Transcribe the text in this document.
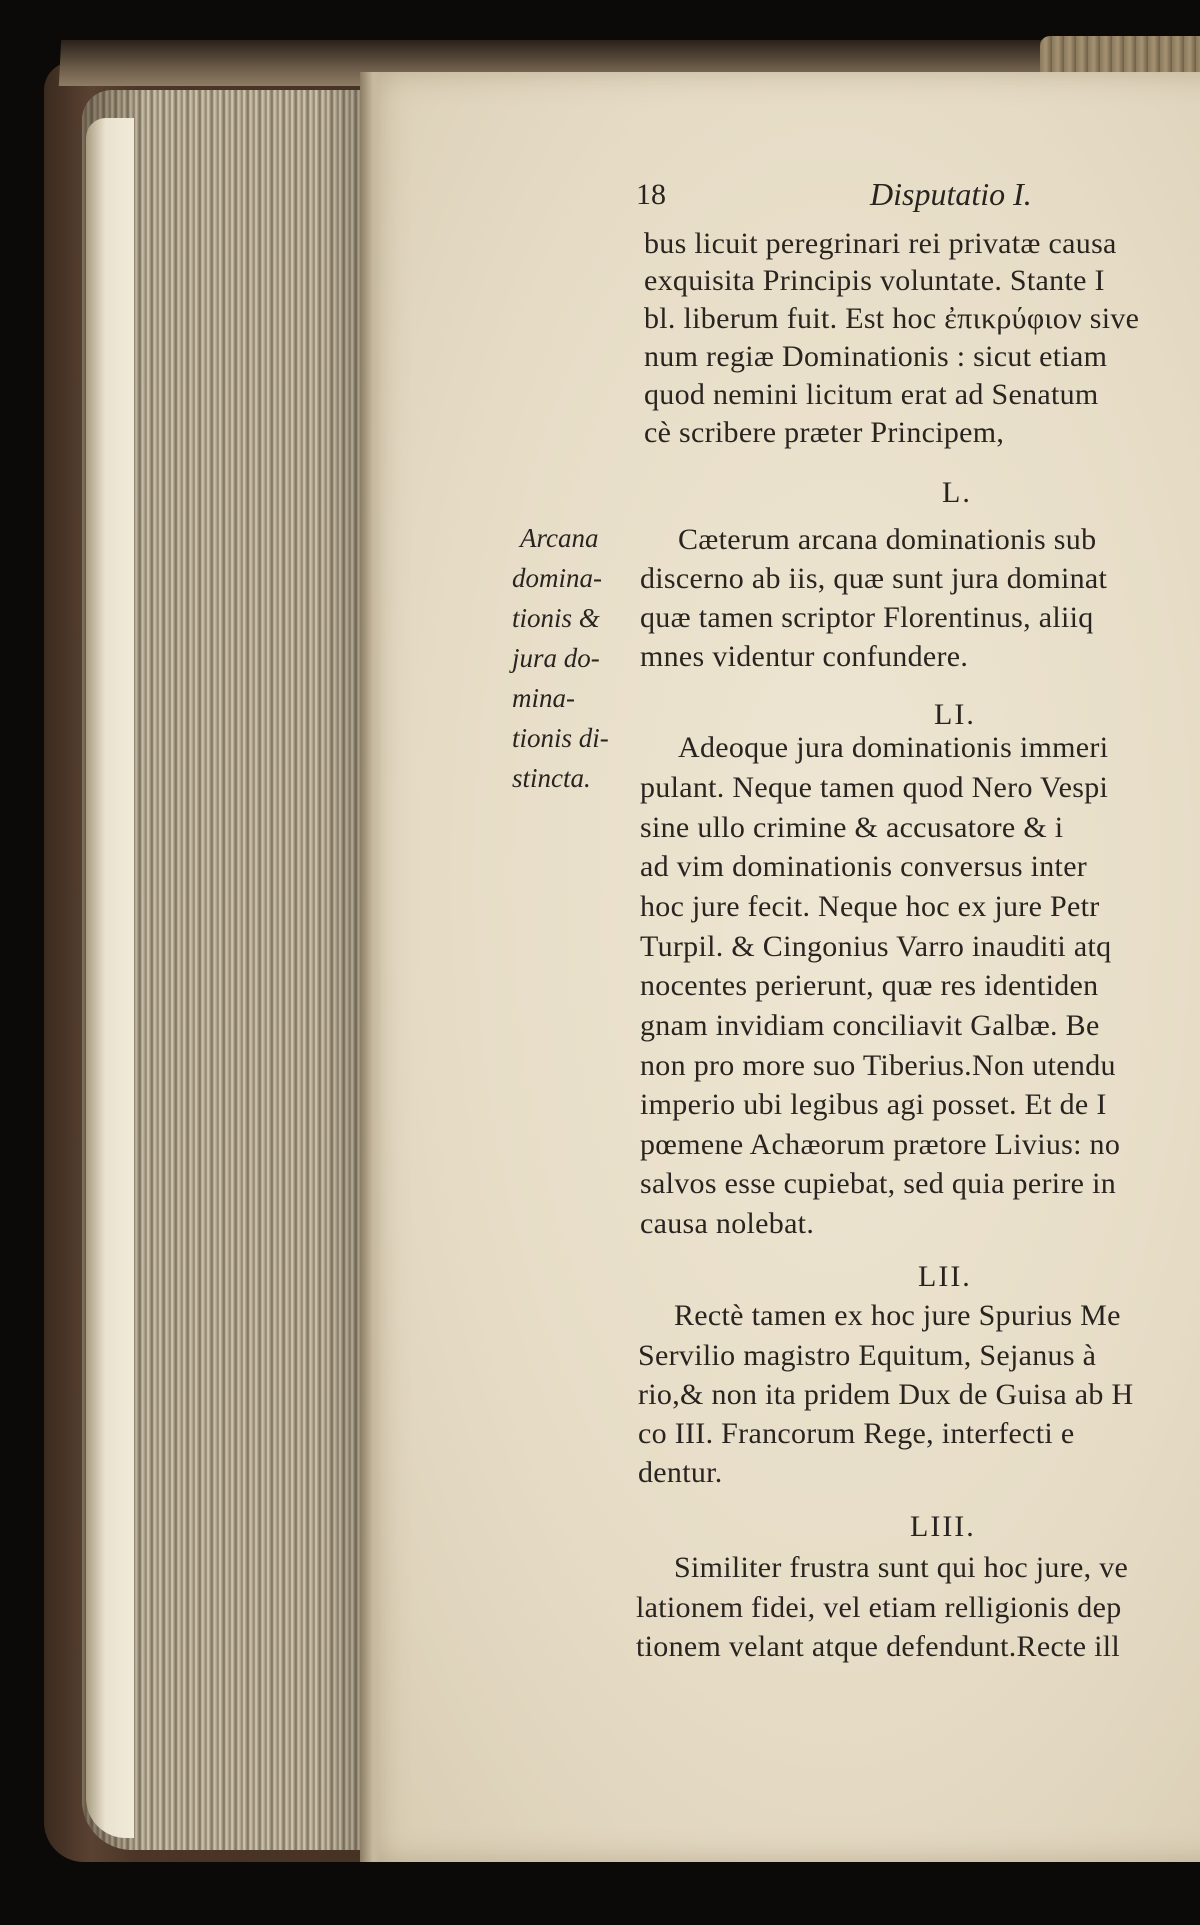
18	Disputatio I.
Arcana
domina-
tionis &
jura do-
mina-
tionis di-
stincta.
bus licuit peregrinari rei privatæ causa
exquisita Principis voluntate. Stante I
bl. liberum fuit. Est hoc ἐπικρύφιον sive
num regiæ Dominationis : sicut etiam
quod nemini licitum erat ad Senatum
cè scribere præter Principem,
L.
Cæterum arcana dominationis sub
discerno ab iis, quæ sunt jura dominat
quæ tamen scriptor Florentinus, aliiq
mnes videntur confundere.
LI.
Adeoque jura dominationis immeri
pulant. Neque tamen quod Nero Vespi
sine ullo crimine & accusatore & i
ad vim dominationis conversus inter
hoc jure fecit. Neque hoc ex jure Petr
Turpil. & Cingonius Varro inauditi atq
nocentes perierunt, quæ res identiden
gnam invidiam conciliavit Galbæ. Be
non pro more suo Tiberius.Non utendu
imperio ubi legibus agi posset. Et de I
pœmene Achæorum prætore Livius: no
salvos esse cupiebat, sed quia perire in
causa nolebat.
LII.
Rectè tamen ex hoc jure Spurius Me
Servilio magistro Equitum, Sejanus à
rio,& non ita pridem Dux de Guisa ab H
co III. Francorum Rege, interfecti e
dentur.
LIII.
Similiter frustra sunt qui hoc jure, ve
lationem fidei, vel etiam relligionis dep
tionem velant atque defendunt.Recte ill
